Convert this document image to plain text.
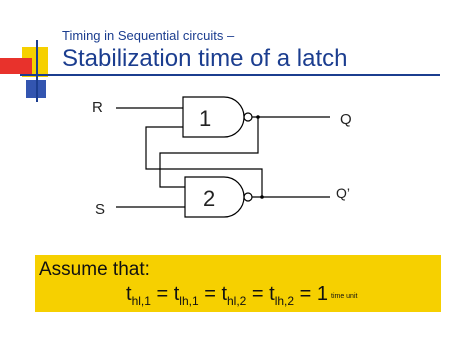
Timing in Sequential circuits –
Stabilization time of a latch
R
S
Q
Q’
1
2
Assume that:
$t_{hl,1} = t_{lh,1} = t_{hl,2} = t_{lh,2} = 1$ time unit
